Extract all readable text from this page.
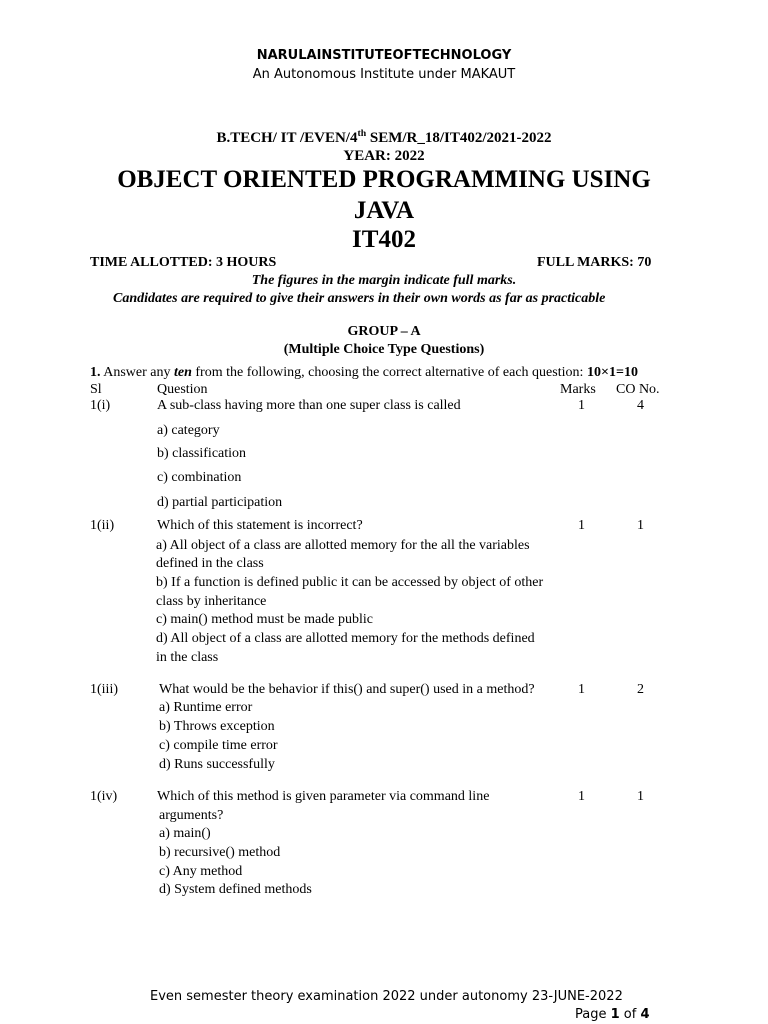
NARULAINSTITUTEOFTECHNOLOGY
An Autonomous Institute under MAKAUT
B.TECH/ IT /EVEN/4th SEM/R_18/IT402/2021-2022
YEAR: 2022
OBJECT ORIENTED PROGRAMMING USING
JAVA
IT402
TIME ALLOTTED: 3 HOURS	FULL MARKS: 70
The figures in the margin indicate full marks.
Candidates are required to give their answers in their own words as far as practicable
GROUP – A
(Multiple Choice Type Questions)
1. Answer any ten from the following, choosing the correct alternative of each question: 10×1=10
Sl	Question	Marks CO No.
1(i)	A sub-class having more than one super class is called	1	4
a) category
b) classification
c) combination
d) partial participation
1(ii)	Which of this statement is incorrect?	1	1
a) All object of a class are allotted memory for the all the variables
defined in the class
b) If a function is defined public it can be accessed by object of other
class by inheritance
c) main() method must be made public
d) All object of a class are allotted memory for the methods defined
in the class
1(iii)	What would be the behavior if this() and super() used in a method?	1	2
a) Runtime error
b) Throws exception
c) compile time error
d) Runs successfully
1(iv)	Which of this method is given parameter via command line	1	1
arguments?
a) main()
b) recursive() method
c) Any method
d) System defined methods
Even semester theory examination 2022 under autonomy 23-JUNE-2022
Page 1 of 4
